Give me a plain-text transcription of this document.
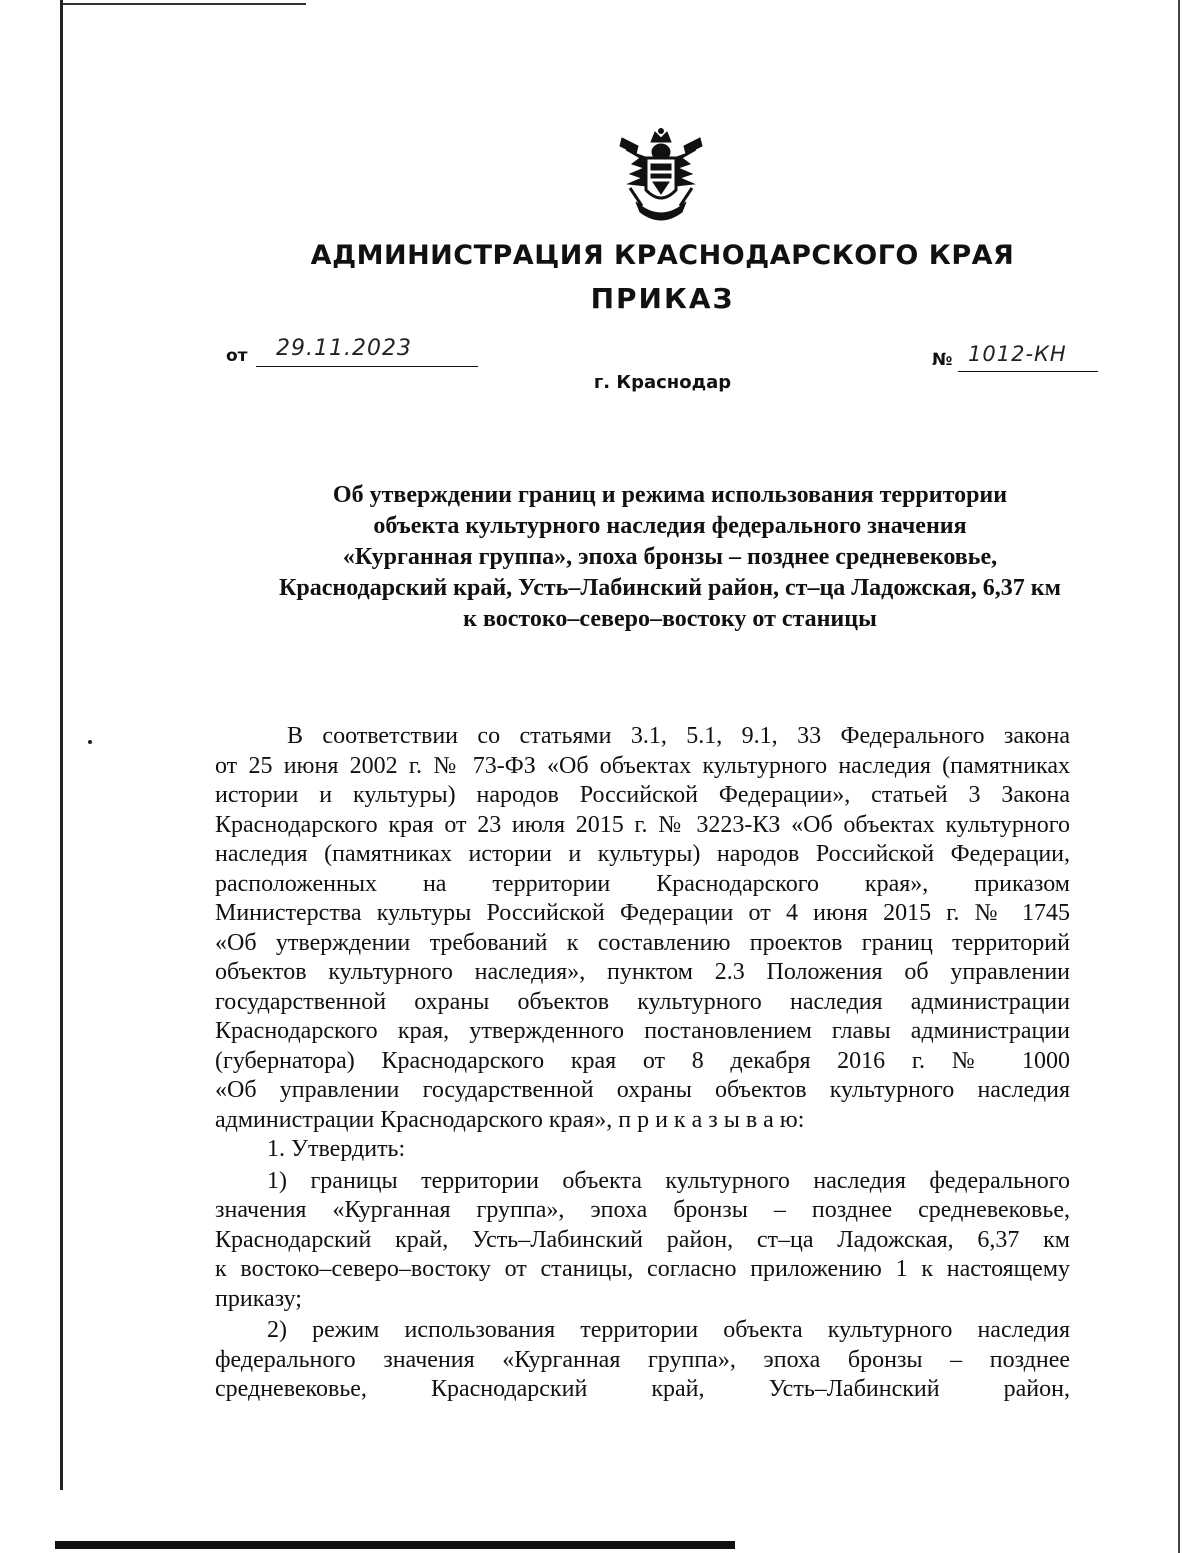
АДМИНИСТРАЦИЯ КРАСНОДАРСКОГО КРАЯ
ПРИКАЗ
от 29.11.2023
г. Краснодар
№ 1012-КН
Об утверждении границ и режима использования территории
объекта культурного наследия федерального значения
«Курганная группа», эпоха бронзы – позднее средневековье,
Краснодарский край, Усть–Лабинский район, ст–ца Ладожская, 6,37 км
к востоко–северо–востоку от станицы
В соответствии со статьями 3.1, 5.1, 9.1, 33 Федерального закона
от 25 июня 2002 г. № 73-ФЗ «Об объектах культурного наследия (памятниках
истории и культуры) народов Российской Федерации», статьей 3 Закона
Краснодарского края от 23 июля 2015 г. № 3223-КЗ «Об объектах культурного
наследия (памятниках истории и культуры) народов Российской Федерации,
расположенных на территории Краснодарского края», приказом
Министерства культуры Российской Федерации от 4 июня 2015 г. № 1745
«Об утверждении требований к составлению проектов границ территорий
объектов культурного наследия», пунктом 2.3 Положения об управлении
государственной охраны объектов культурного наследия администрации
Краснодарского края, утвержденного постановлением главы администрации
(губернатора) Краснодарского края от 8 декабря 2016 г. № 1000
«Об управлении государственной охраны объектов культурного наследия
администрации Краснодарского края», п р и к а з ы в а ю:
1. Утвердить:
1) границы территории объекта культурного наследия федерального
значения «Курганная группа», эпоха бронзы – позднее средневековье,
Краснодарский край, Усть–Лабинский район, ст–ца Ладожская, 6,37 км
к востоко–северо–востоку от станицы, согласно приложению 1 к настоящему
приказу;
2) режим использования территории объекта культурного наследия
федерального значения «Курганная группа», эпоха бронзы – позднее
средневековье, Краснодарский край, Усть–Лабинский район,
